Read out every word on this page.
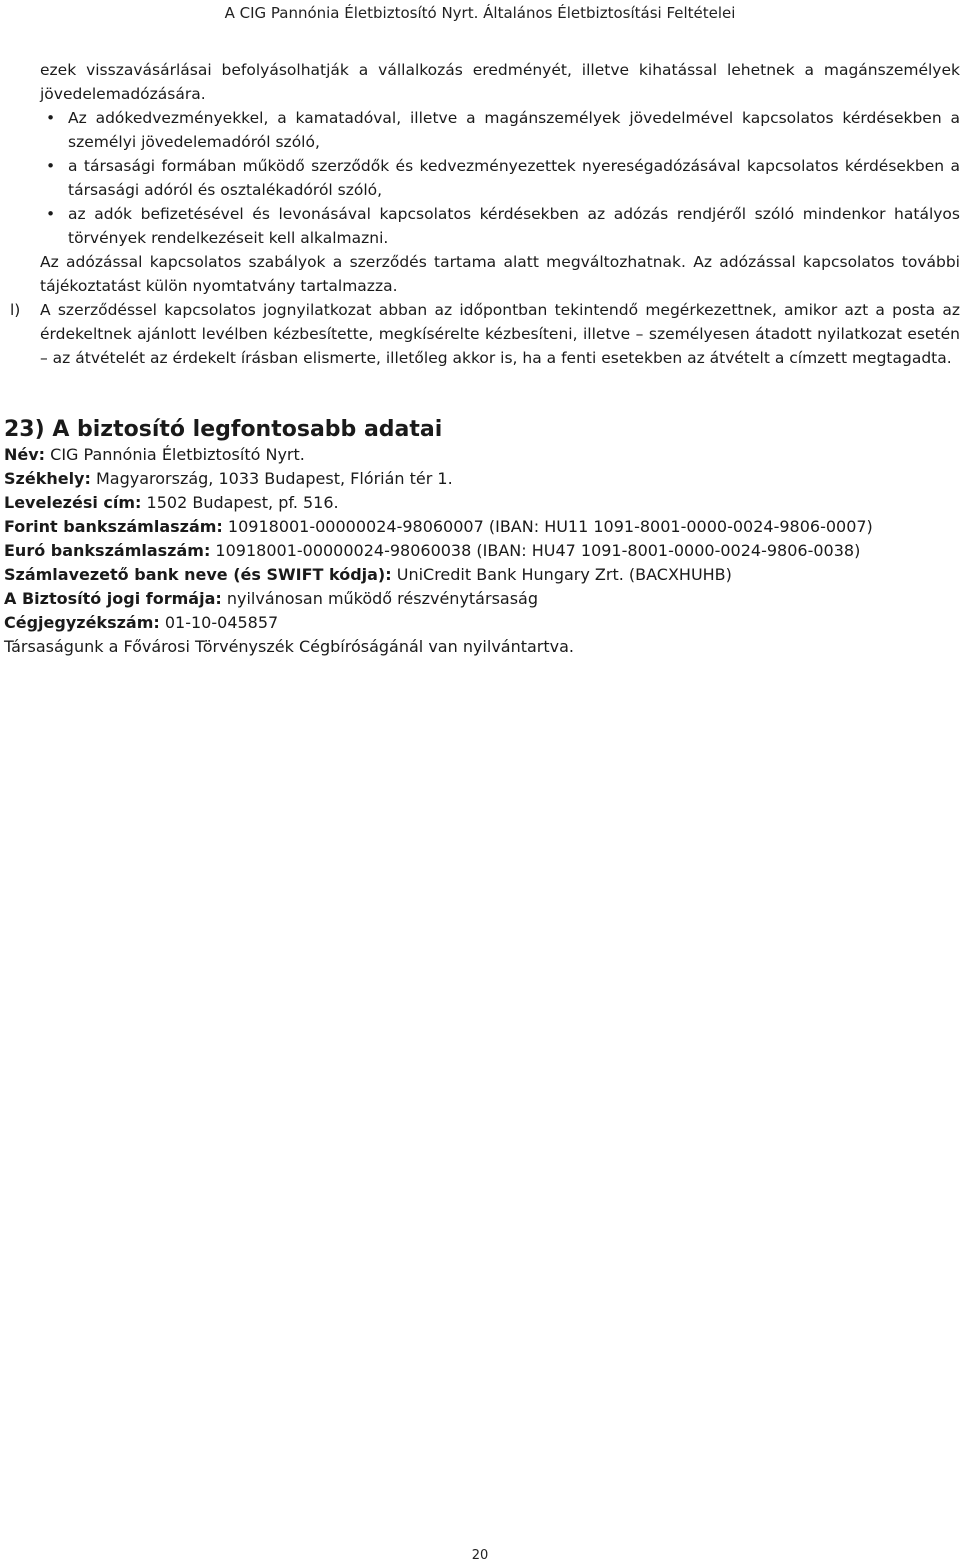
A CIG Pannónia Életbiztosító Nyrt. Általános Életbiztosítási Feltételei

ezek visszavásárlásai befolyásolhatják a vállalkozás eredményét, illetve kihatással lehetnek a magánszemélyek jövedelemadózására.

• Az adókedvezményekkel, a kamatadóval, illetve a magánszemélyek jövedelmével kapcsolatos kérdésekben a személyi jövedelemadóról szóló,
• a társasági formában működő szerződők és kedvezményezettek nyereségadózásával kapcsolatos kérdésekben a társasági adóról és osztalékadóról szóló,
• az adók befizetésével és levonásával kapcsolatos kérdésekben az adózás rendjéről szóló mindenkor hatályos törvények rendelkezéseit kell alkalmazni.

Az adózással kapcsolatos szabályok a szerződés tartama alatt megváltozhatnak. Az adózással kapcsolatos további tájékoztatást külön nyomtatvány tartalmazza.

l) A szerződéssel kapcsolatos jognyilatkozat abban az időpontban tekintendő megérkezettnek, amikor azt a posta az érdekeltnek ajánlott levélben kézbesítette, megkísérelte kézbesíteni, illetve – személyesen átadott nyilatkozat esetén – az átvételét az érdekelt írásban elismerte, illetőleg akkor is, ha a fenti esetekben az átvételt a címzett megtagadta.

23) A biztosító legfontosabb adatai
Név: CIG Pannónia Életbiztosító Nyrt.
Székhely: Magyarország, 1033 Budapest, Flórián tér 1.
Levelezési cím: 1502 Budapest, pf. 516.
Forint bankszámlaszám: 10918001-00000024-98060007 (IBAN: HU11 1091-8001-0000-0024-9806-0007)
Euró bankszámlaszám: 10918001-00000024-98060038 (IBAN: HU47 1091-8001-0000-0024-9806-0038)
Számlavezető bank neve (és SWIFT kódja): UniCredit Bank Hungary Zrt. (BACXHUHB)
A Biztosító jogi formája: nyilvánosan működő részvénytársaság
Cégjegyzékszám: 01-10-045857
Társaságunk a Fővárosi Törvényszék Cégbíróságánál van nyilvántartva.
20
